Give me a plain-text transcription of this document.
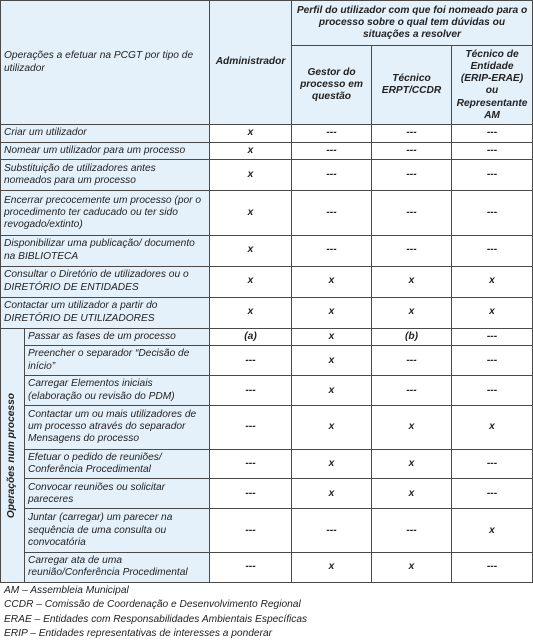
Operações a efetuar na PCGT por tipo de utilizador		Administrador	Perfil do utilizador com que foi nomeado para o processo sobre o qual tem dúvidas ou situações a resolver		
			Gestor do processo em questão	Técnico ERPT/CCDR	Técnico de Entidade (ERIP-ERAE) ou Representante AM
Criar um utilizador		x	---	---	---
Nomear um utilizador para um processo		x	---	---	---
Substituição de utilizadores antes nomeados para um processo		x	---	---	---
Encerrar precocemente um processo (por o procedimento ter caducado ou ter sido revogado/extinto)		x	---	---	---
Disponibilizar uma publicação/ documento na BIBLIOTECA		x	---	---	---
Consultar o Diretório de utilizadores ou o DIRETÓRIO DE ENTIDADES		x	x	x	x
Contactar um utilizador a partir do DIRETÓRIO DE UTILIZADORES		x	x	x	x

Operações num processo	Passar as fases de um processo	(a)	x	(b)	---
	Preencher o separador “Decisão de início”	---	x	---	---
	Carregar Elementos iniciais (elaboração ou revisão do PDM)	---	x	---	---
	Contactar um ou mais utilizadores de um processo através do separador Mensagens do processo	---	x	x	x
	Efetuar o pedido de reuniões/ Conferência Procedimental	---	x	x	---
	Convocar reuniões ou solicitar pareceres	---	x	x	---
	Juntar (carregar) um parecer na sequência de uma consulta ou convocatória	---	---	---	x
	Carregar ata de uma reunião/Conferência Procedimental	---	x	x	---
AM – Assembleia Municipal
CCDR – Comissão de Coordenação e Desenvolvimento Regional
ERAE – Entidades com Responsabilidades Ambientais Específicas
ERIP – Entidades representativas de interesses a ponderar
